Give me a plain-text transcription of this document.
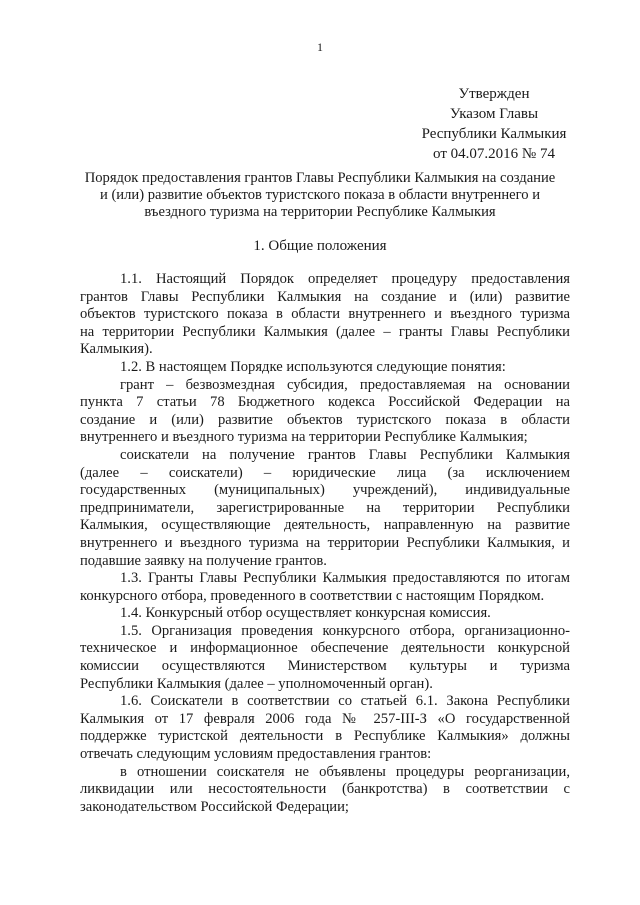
1
Утвержден
Указом Главы
Республики Калмыкия
от 04.07.2016 № 74
Порядок предоставления грантов Главы Республики Калмыкия на создание
и (или) развитие объектов туристского показа в области внутреннего и
въездного туризма на территории Республике Калмыкия
1. Общие положения
1.1. Настоящий Порядок определяет процедуру предоставления
грантов Главы Республики Калмыкия на создание и (или) развитие
объектов туристского показа в области внутреннего и въездного туризма
на территории Республики Калмыкия (далее – гранты Главы Республики
Калмыкия).
1.2. В настоящем Порядке используются следующие понятия:
грант – безвозмездная субсидия, предоставляемая на основании
пункта 7 статьи 78 Бюджетного кодекса Российской Федерации на
создание и (или) развитие объектов туристского показа в области
внутреннего и въездного туризма на территории Республике Калмыкия;
соискатели на получение грантов Главы Республики Калмыкия
(далее – соискатели) – юридические лица (за исключением
государственных (муниципальных) учреждений), индивидуальные
предприниматели, зарегистрированные на территории Республики
Калмыкия, осуществляющие деятельность, направленную на развитие
внутреннего и въездного туризма на территории Республики Калмыкия, и
подавшие заявку на получение грантов.
1.3. Гранты Главы Республики Калмыкия предоставляются по итогам
конкурсного отбора, проведенного в соответствии с настоящим Порядком.
1.4. Конкурсный отбор осуществляет конкурсная комиссия.
1.5. Организация проведения конкурсного отбора, организационно-
техническое и информационное обеспечение деятельности конкурсной
комиссии осуществляются Министерством культуры и туризма
Республики Калмыкия (далее – уполномоченный орган).
1.6. Соискатели в соответствии со статьей 6.1. Закона Республики
Калмыкия от 17 февраля 2006 года № 257-III-З «О государственной
поддержке туристской деятельности в Республике Калмыкия» должны
отвечать следующим условиям предоставления грантов:
в отношении соискателя не объявлены процедуры реорганизации,
ликвидации или несостоятельности (банкротства) в соответствии с
законодательством Российской Федерации;
